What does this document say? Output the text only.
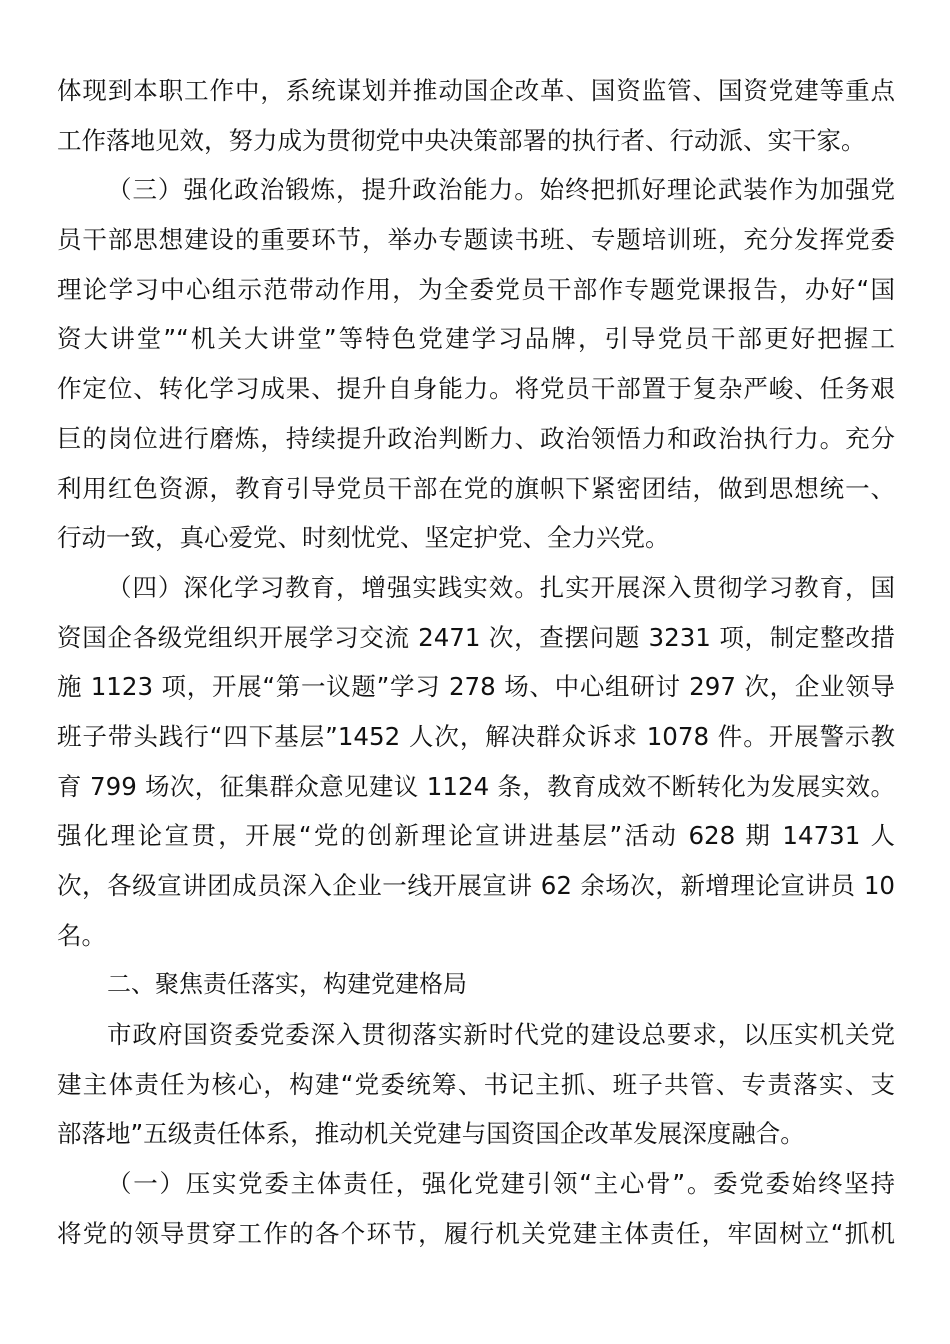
体现到本职工作中，系统谋划并推动国企改革、国资监管、国资党建等重点
工作落地见效，努力成为贯彻党中央决策部署的执行者、行动派、实干家。
（三）强化政治锻炼，提升政治能力。始终把抓好理论武装作为加强党
员干部思想建设的重要环节，举办专题读书班、专题培训班，充分发挥党委
理论学习中心组示范带动作用，为全委党员干部作专题党课报告，办好“国
资大讲堂”“机关大讲堂”等特色党建学习品牌，引导党员干部更好把握工
作定位、转化学习成果、提升自身能力。将党员干部置于复杂严峻、任务艰
巨的岗位进行磨炼，持续提升政治判断力、政治领悟力和政治执行力。充分
利用红色资源，教育引导党员干部在党的旗帜下紧密团结，做到思想统一、
行动一致，真心爱党、时刻忧党、坚定护党、全力兴党。
（四）深化学习教育，增强实践实效。扎实开展深入贯彻学习教育，国
资国企各级党组织开展学习交流 2471 次，查摆问题 3231 项，制定整改措
施 1123 项，开展“第一议题”学习 278 场、中心组研讨 297 次，企业领导
班子带头践行“四下基层”1452 人次，解决群众诉求 1078 件。开展警示教
育 799 场次，征集群众意见建议 1124 条，教育成效不断转化为发展实效。
强化理论宣贯，开展“党的创新理论宣讲进基层”活动 628 期 14731 人
次，各级宣讲团成员深入企业一线开展宣讲 62 余场次，新增理论宣讲员 10
名。
二、聚焦责任落实，构建党建格局
市政府国资委党委深入贯彻落实新时代党的建设总要求，以压实机关党
建主体责任为核心，构建“党委统筹、书记主抓、班子共管、专责落实、支
部落地”五级责任体系，推动机关党建与国资国企改革发展深度融合。
（一）压实党委主体责任，强化党建引领“主心骨”。委党委始终坚持
将党的领导贯穿工作的各个环节，履行机关党建主体责任，牢固树立“抓机
